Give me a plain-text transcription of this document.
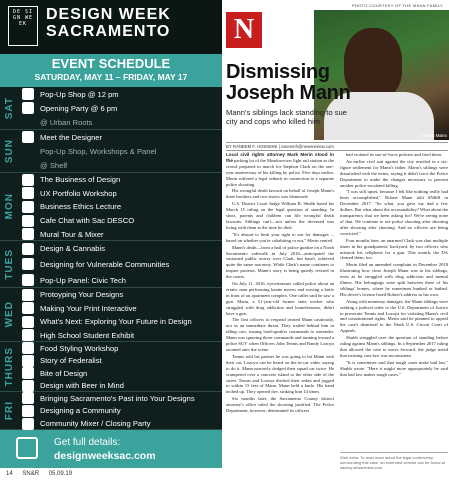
DE SI GN WE EK
DESIGN WEEK
SACRAMENTO
EVENT SCHEDULE
SATURDAY, MAY 11 – FRIDAY, MAY 17
SAT
Pop-Up Shop @ 12 pm
Opening Party @ 6 pm
@ Urban Roots
SUN
Meet the Designer
Pop-Up Shop, Workshops & Panel
@ Shelf
MON
The Business of Design
UX Portfolio Workshop
Business Ethics Lecture
Cafe Chat with Sac DESCO
Mural Tour & Mixer
TUES	Design & Cannabis
Designing for Vulnerable Communities
Pop-Up Panel: Civic Tech
WED
Protoyping Your Designs
Making Your Print Interactive
What's Next: Exploring Your Future in Design
High School Student Exhibit
THURS	Food Styling Workshop
Story of Federalist
Bite of Design
Design with Beer in Mind
FRI
Bringing Sacramento's Past into Your Designs
Designing a Community
Community Mixer / Closing Party
Get full details:
designweeksac.com
14 SN&R 05.09.19
PHOTO COURTESY OF THE MANN FAMILY
N
Joseph Mann
Dismissing
Joseph Mann
Mann's siblings lack standing to sue city and cops who killed him
BY RANEEM F. HOSSEINI | raneemh@newsreview.com

Local civil rights attorney Mark Merin stood in the parking lot of the Meadowview light rail station as the crowd prepared to march for Stephon Clark on the one-year anniversary of his killing by police. Five days earlier, Merin suffered a legal setback in connection to a separate police shooting.

His wrongful death lawsuit on behalf of Joseph Mann's three brothers and two sisters was dismissed.

U.S. District Court Judge William B. Shubb based his March 15 ruling on the legal question of standing. In short, parents and children can file wrongful death lawsuits. Siblings can't—not unless the deceased was living with them at the time he died.

"It's absurd to limit your right to sue for damages ... based on whether you're cohabiting or not," Merin vented.

Mann's death—from a hail of police gunfire on a North Sacramento sidewalk in July 2016—anticipated the sustained public outcry over Clark, but hasn't achieved quite the same notoriety. While Clark's name continues to inspire protests, Mann's story is being quietly revised in the courts.

On July 11, 2016, eyewitnesses called police about an erratic man performing karate moves and waving a knife in front of an apartment complex. One caller said he saw a gun. Mann, a 51-year-old former state worker who struggled with drug addiction and homelessness, didn't have a gun.

The first officers to respond treated Mann cautiously, not as an immediate threat. They trailed behind him in idling cars, issuing loud-speaker commands to surrender. Mann was ignoring those commands and running toward a police SUV when Officers John Tennis and Randy Lozoya zoomed onto the scene.

Tennis told his partner he was going to hit Mann with their car. Lozoya can be heard on the in-car video saying to do it. Mann narrowly dodged their squad car twice. He scampered over a concrete island to the other side of the street. Tennis and Lozoya ditched their sedan and jogged to within 15 feet of Mann. Mann held a knife. His hand inched up. They opened fire, striking him 14 times.

Six months later, the Sacramento County district attorney's office ruled the shooting justified. The Police Department, however, determined its officers

had violated its use-of-force policies and fired them.

An earlier civil suit against the city resulted in a six-figure settlement for Mann's father. Mann's siblings were dissatisfied with the terms, saying it didn't force the Police Department to make the changes necessary to prevent another police-escalated killing.

"I was still upset, because I felt like nothing really had been accomplished," Robert Mann told SN&R in December 2017. "So what, you gave my dad a few dollars. But what about the accountability? What about the transparency that we been asking for? We're seeing none of that. We continue to see police shooting after shooting after shooting after shooting. And no officers are being convicted."

Four months later, an unarmed Clark was shot multiple times in his grandparents' backyard, by two officers who mistook his cellphone for a gun. This month, the DA cleared them, too.

Merin filed an amended complaint in December 2018 illustrating how close Joseph Mann was to his siblings, even as he struggled with drug addiction and mental illness. His belongings were split between three of his siblings' homes, where he sometimes bunked or bathed. His driver's license listed Robert's address as his own.

Along with monetary damages, the Mann siblings were seeking a judicial order to the U.S. Department of Justice to prosecute Tennis and Lozoya for violating Mann's civil and constitutional rights. Merin said he planned to appeal the case's dismissal to the Ninth U.S. Circuit Court of Appeals.

Shubb struggled over the question of standing before ruling against Mann's siblings. In a September 2017 ruling that allowed the case to move forward, the judge noted that existing case law was inconsistent.

"It is sometimes said that tough cases make bad law," Shubb wrote. "Here it might more appropriately be said that bad law makes tough cases."

Web extra: To read more about the legal controversy surrounding this case, an extended version can be found at sactoq.newsreview.com
